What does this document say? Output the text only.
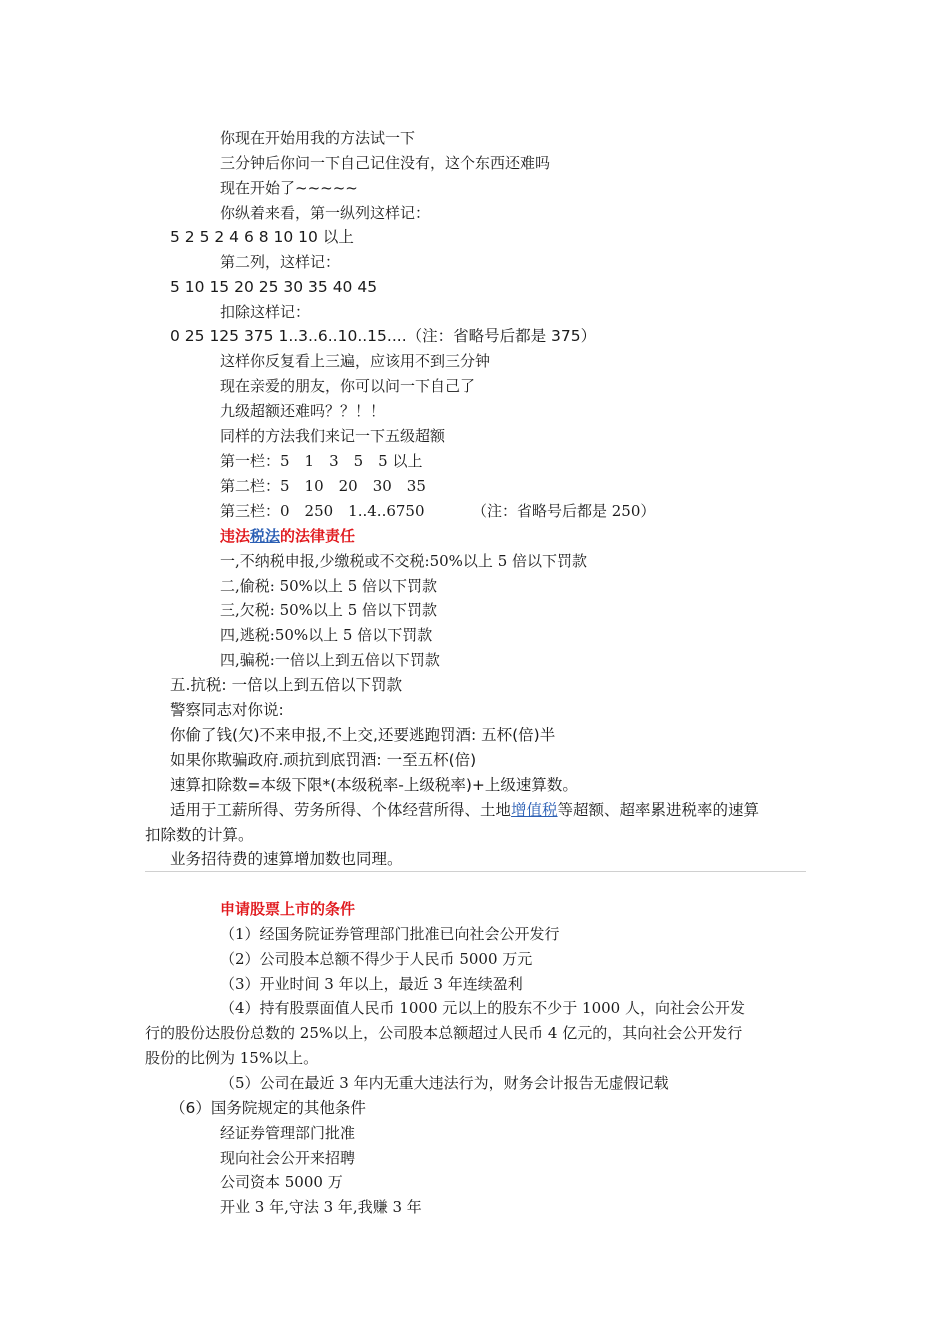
你现在开始用我的方法试一下
三分钟后你问一下自己记住没有，这个东西还难吗
现在开始了~~~~~
你纵着来看，第一纵列这样记：
5 2 5 2 4 6 8 10 10 以上
第二列，这样记：
5 10 15 20 25 30 35 40 45
扣除这样记：
0 25 125 375 1..3..6..10..15....（注：省略号后都是 375）
这样你反复看上三遍，应该用不到三分钟
现在亲爱的朋友，你可以问一下自己了
九级超额还难吗？？！！
同样的方法我们来记一下五级超额
第一栏：5　1　3　5　5 以上
第二栏：5　10　20　30　35
第三栏：0　250　1..4..6750	（注：省略号后都是 250）
违法税法的法律责任
一,不纳税申报,少缴税或不交税:50%以上 5 倍以下罚款
二,偷税: 50%以上 5 倍以下罚款
三,欠税: 50%以上 5 倍以下罚款
四,逃税:50%以上 5 倍以下罚款
四,骗税:一倍以上到五倍以下罚款
五.抗税: 一倍以上到五倍以下罚款
警察同志对你说:
你偷了钱(欠)不来申报,不上交,还要逃跑罚酒: 五杯(倍)半
如果你欺骗政府.顽抗到底罚酒: 一至五杯(倍)
速算扣除数=本级下限*(本级税率-上级税率)+上级速算数。
适用于工薪所得、劳务所得、个体经营所得、土地增值税等超额、超率累进税率的速算
扣除数的计算。
业务招待费的速算增加数也同理。
申请股票上市的条件
（1）经国务院证券管理部门批准已向社会公开发行
（2）公司股本总额不得少于人民币 5000 万元
（3）开业时间 3 年以上，最近 3 年连续盈利
（4）持有股票面值人民币 1000 元以上的股东不少于 1000 人，向社会公开发
行的股份达股份总数的 25%以上，公司股本总额超过人民币 4 亿元的，其向社会公开发行
股份的比例为 15%以上。
（5）公司在最近 3 年内无重大违法行为，财务会计报告无虚假记载
（6）国务院规定的其他条件
经证券管理部门批准
现向社会公开来招聘
公司资本 5000 万
开业 3 年,守法 3 年,我赚 3 年
